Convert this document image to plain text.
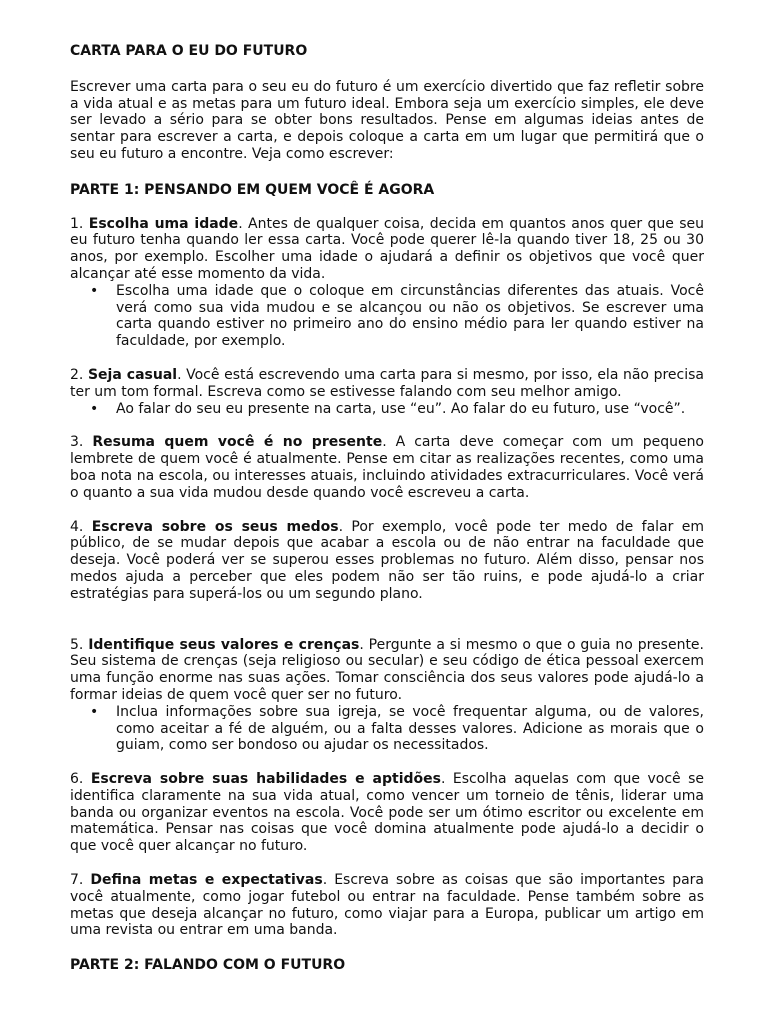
CARTA PARA O EU DO FUTURO

Escrever uma carta para o seu eu do futuro é um exercício divertido que faz refletir sobre a vida atual e as metas para um futuro ideal. Embora seja um exercício simples, ele deve ser levado a sério para se obter bons resultados. Pense em algumas ideias antes de sentar para escrever a carta, e depois coloque a carta em um lugar que permitirá que o seu eu futuro a encontre. Veja como escrever:

PARTE 1: PENSANDO EM QUEM VOCÊ É AGORA

1. Escolha uma idade. Antes de qualquer coisa, decida em quantos anos quer que seu eu futuro tenha quando ler essa carta. Você pode querer lê-la quando tiver 18, 25 ou 30 anos, por exemplo. Escolher uma idade o ajudará a definir os objetivos que você quer alcançar até esse momento da vida.

• Escolha uma idade que o coloque em circunstâncias diferentes das atuais. Você verá como sua vida mudou e se alcançou ou não os objetivos. Se escrever uma carta quando estiver no primeiro ano do ensino médio para ler quando estiver na faculdade, por exemplo.

2. Seja casual. Você está escrevendo uma carta para si mesmo, por isso, ela não precisa ter um tom formal. Escreva como se estivesse falando com seu melhor amigo.

• Ao falar do seu eu presente na carta, use “eu”. Ao falar do eu futuro, use “você”.

3. Resuma quem você é no presente. A carta deve começar com um pequeno lembrete de quem você é atualmente. Pense em citar as realizações recentes, como uma boa nota na escola, ou interesses atuais, incluindo atividades extracurriculares. Você verá o quanto a sua vida mudou desde quando você escreveu a carta.

4. Escreva sobre os seus medos. Por exemplo, você pode ter medo de falar em público, de se mudar depois que acabar a escola ou de não entrar na faculdade que deseja. Você poderá ver se superou esses problemas no futuro. Além disso, pensar nos medos ajuda a perceber que eles podem não ser tão ruins, e pode ajudá-lo a criar estratégias para superá-los ou um segundo plano.

5. Identifique seus valores e crenças. Pergunte a si mesmo o que o guia no presente. Seu sistema de crenças (seja religioso ou secular) e seu código de ética pessoal exercem uma função enorme nas suas ações. Tomar consciência dos seus valores pode ajudá-lo a formar ideias de quem você quer ser no futuro.

• Inclua informações sobre sua igreja, se você frequentar alguma, ou de valores, como aceitar a fé de alguém, ou a falta desses valores. Adicione as morais que o guiam, como ser bondoso ou ajudar os necessitados.

6. Escreva sobre suas habilidades e aptidões. Escolha aquelas com que você se identifica claramente na sua vida atual, como vencer um torneio de tênis, liderar uma banda ou organizar eventos na escola. Você pode ser um ótimo escritor ou excelente em matemática. Pensar nas coisas que você domina atualmente pode ajudá-lo a decidir o que você quer alcançar no futuro.

7. Defina metas e expectativas. Escreva sobre as coisas que são importantes para você atualmente, como jogar futebol ou entrar na faculdade. Pense também sobre as metas que deseja alcançar no futuro, como viajar para a Europa, publicar um artigo em uma revista ou entrar em uma banda.

PARTE 2: FALANDO COM O FUTURO
